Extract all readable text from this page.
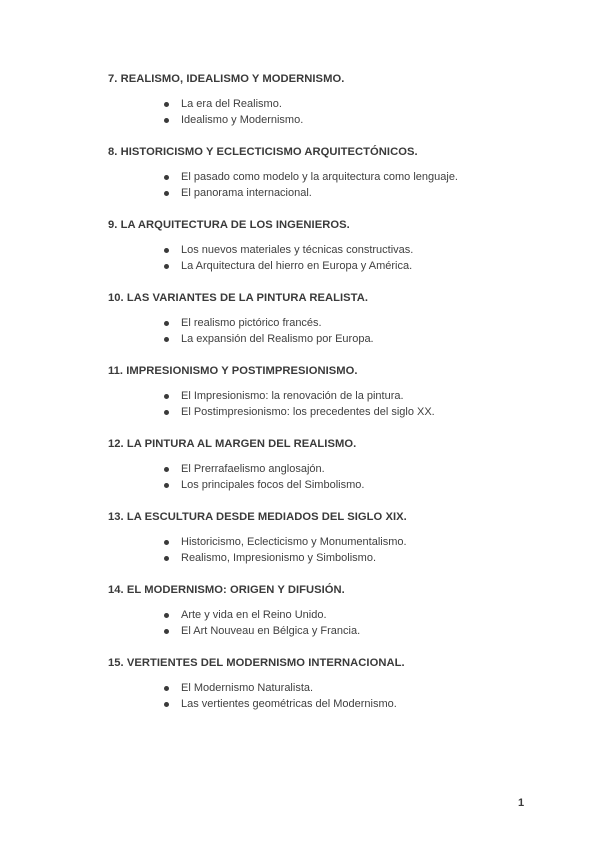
7. REALISMO, IDEALISMO Y MODERNISMO.
La era del Realismo.
Idealismo y Modernismo.
8. HISTORICISMO Y ECLECTICISMO ARQUITECTÓNICOS.
El pasado como modelo y la arquitectura como lenguaje.
El panorama internacional.
9. LA ARQUITECTURA DE LOS INGENIEROS.
Los nuevos materiales y técnicas constructivas.
La Arquitectura del hierro en Europa y América.
10. LAS VARIANTES DE LA PINTURA REALISTA.
El realismo pictórico francés.
La expansión del Realismo por Europa.
11. IMPRESIONISMO Y POSTIMPRESIONISMO.
El Impresionismo: la renovación de la pintura.
El Postimpresionismo: los precedentes del siglo XX.
12. LA PINTURA AL MARGEN DEL REALISMO.
El Prerrafaelismo anglosajón.
Los principales focos del Simbolismo.
13. LA ESCULTURA DESDE MEDIADOS DEL SIGLO XIX.
Historicismo, Eclecticismo y Monumentalismo.
Realismo, Impresionismo y Simbolismo.
14. EL MODERNISMO: ORIGEN Y DIFUSIÓN.
Arte y vida en el Reino Unido.
El Art Nouveau en Bélgica y Francia.
15. VERTIENTES DEL MODERNISMO INTERNACIONAL.
El Modernismo Naturalista.
Las vertientes geométricas del Modernismo.
1
